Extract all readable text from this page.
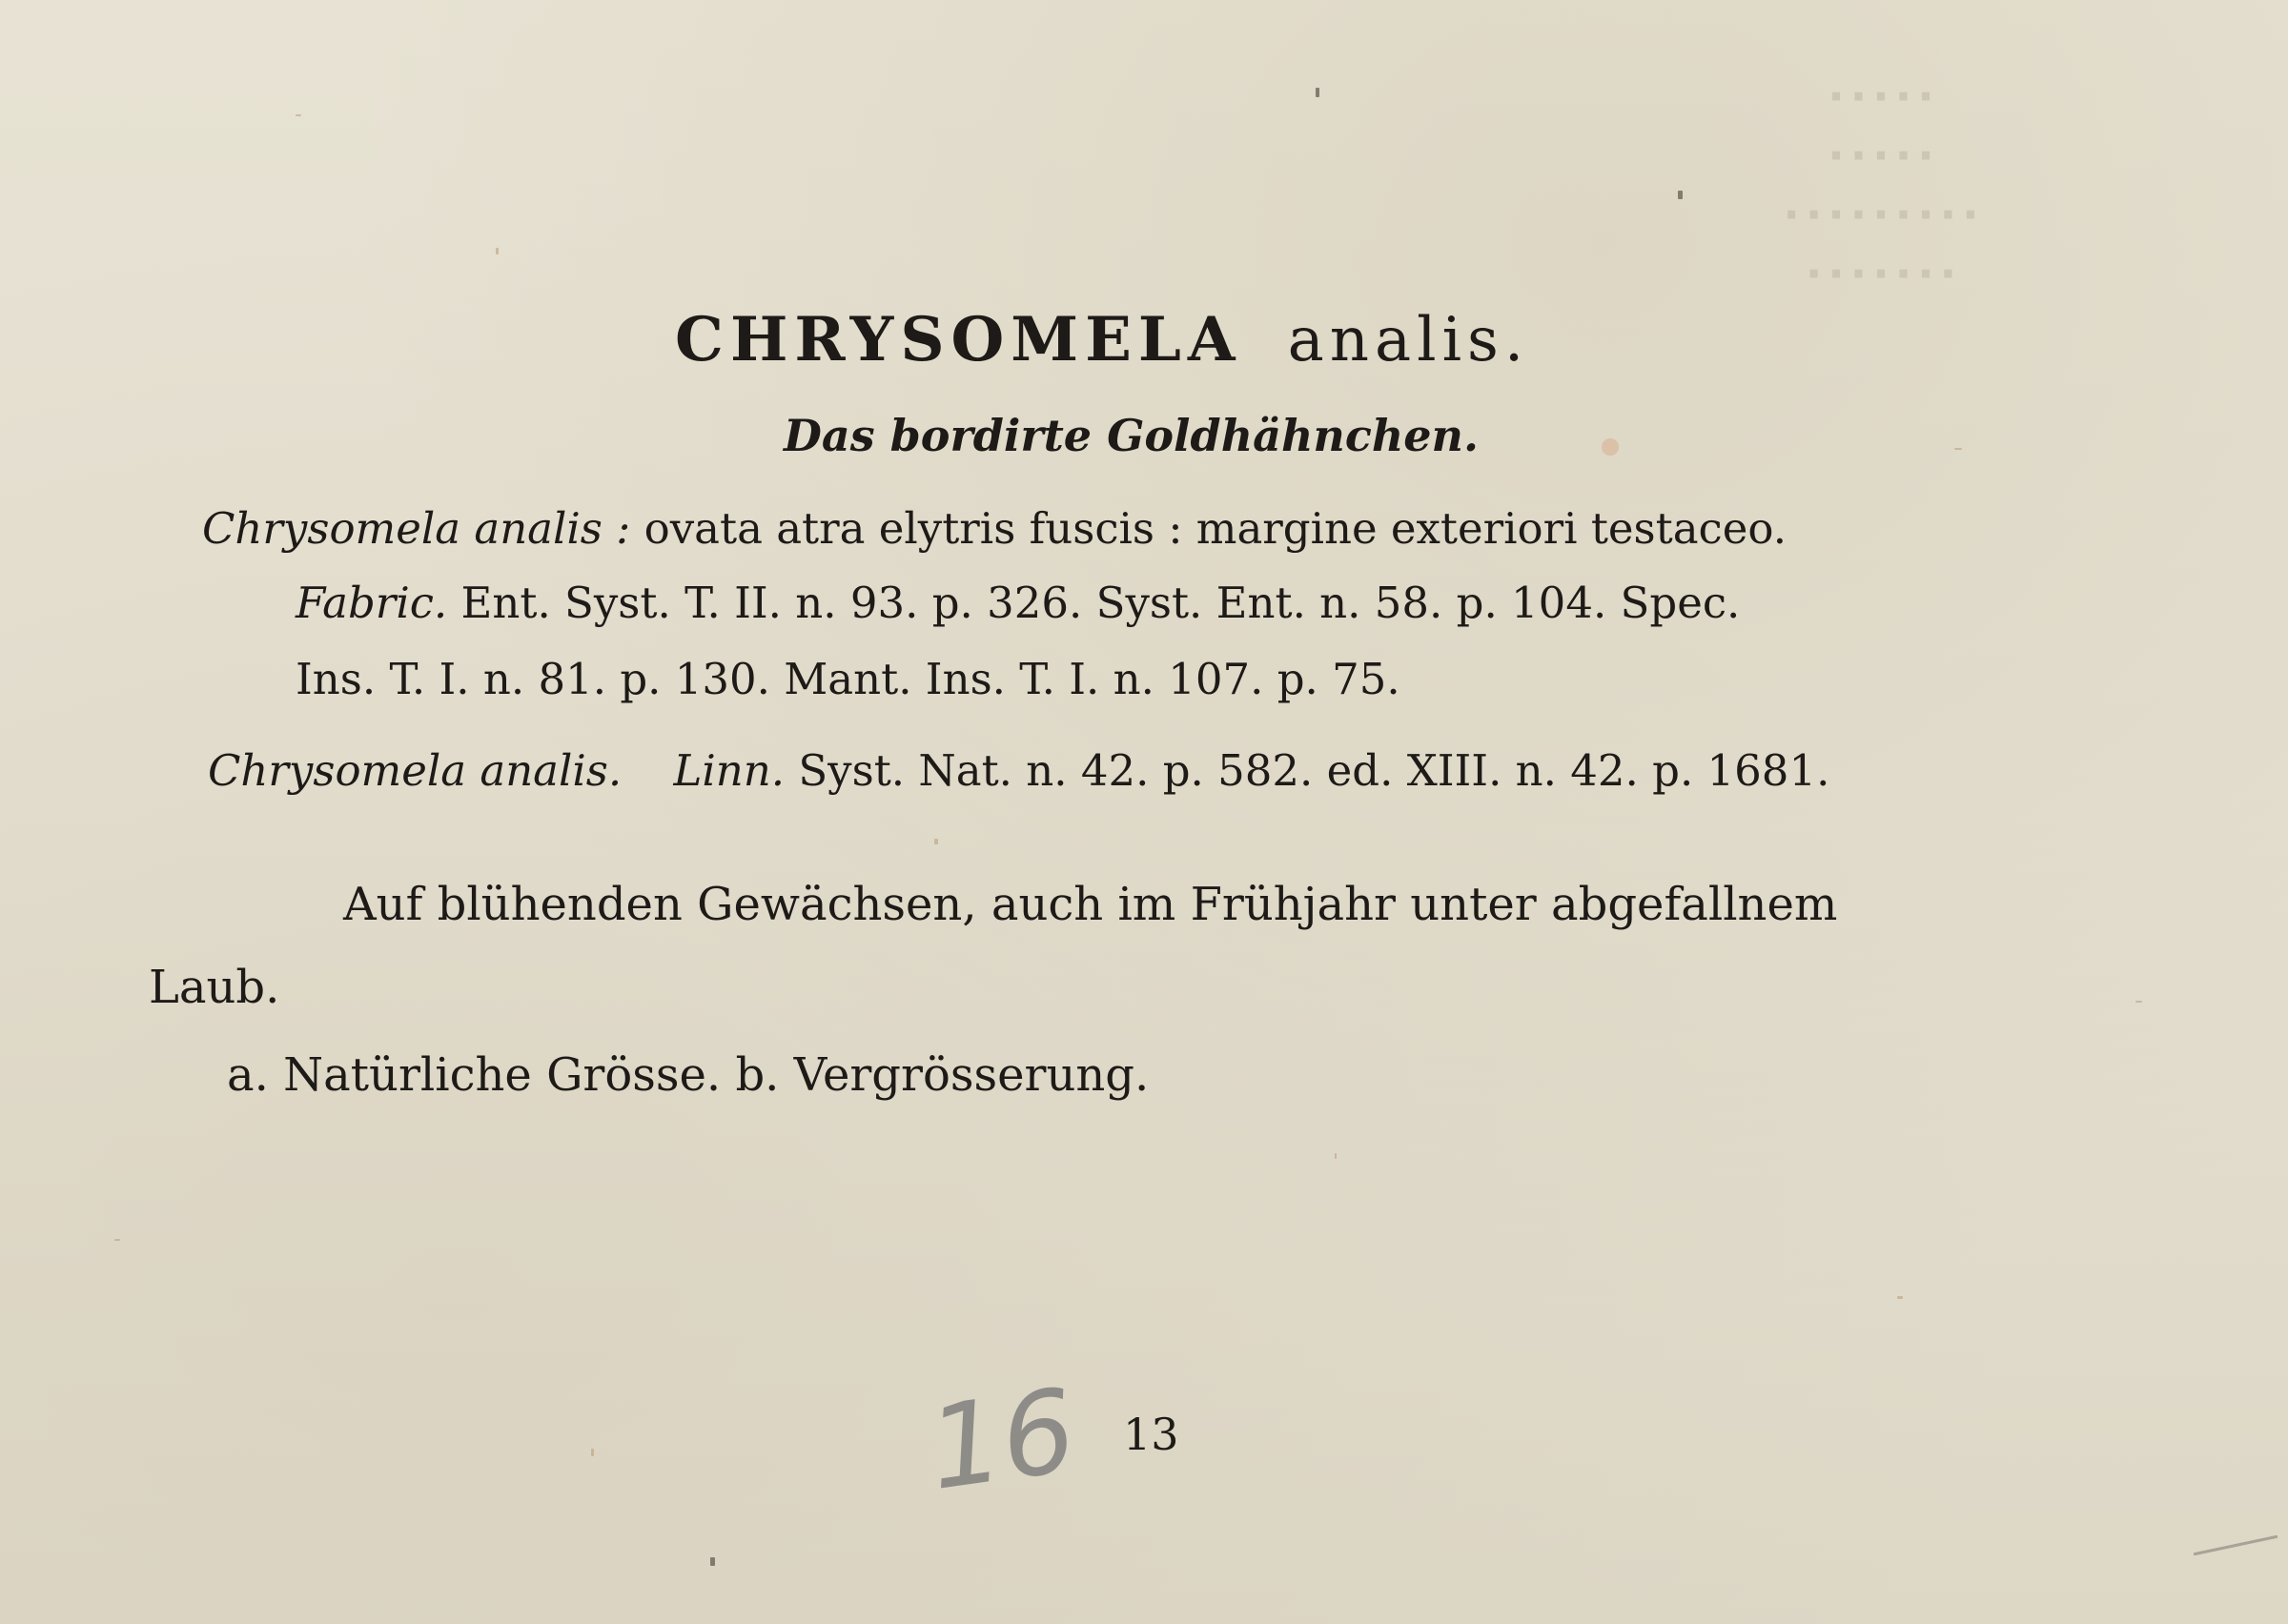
·····
·····
·········
·······
CHRYSOMELA analis.
Das bordirte Goldhähnchen.
Chrysomela analis : ovata atra elytris fuscis : margine exteriori testaceo.
Fabric. Ent. Syst. T. II. n. 93. p. 326. Syst. Ent. n. 58. p. 104. Spec.
Ins. T. I. n. 81. p. 130. Mant. Ins. T. I. n. 107. p. 75.
Chrysomela analis. Linn. Syst. Nat. n. 42. p. 582. ed. XIII. n. 42. p. 1681.
Auf blühenden Gewächsen, auch im Frühjahr unter abgefallnem
Laub.
a. Natürliche Grösse. b. Vergrösserung.
16 13
